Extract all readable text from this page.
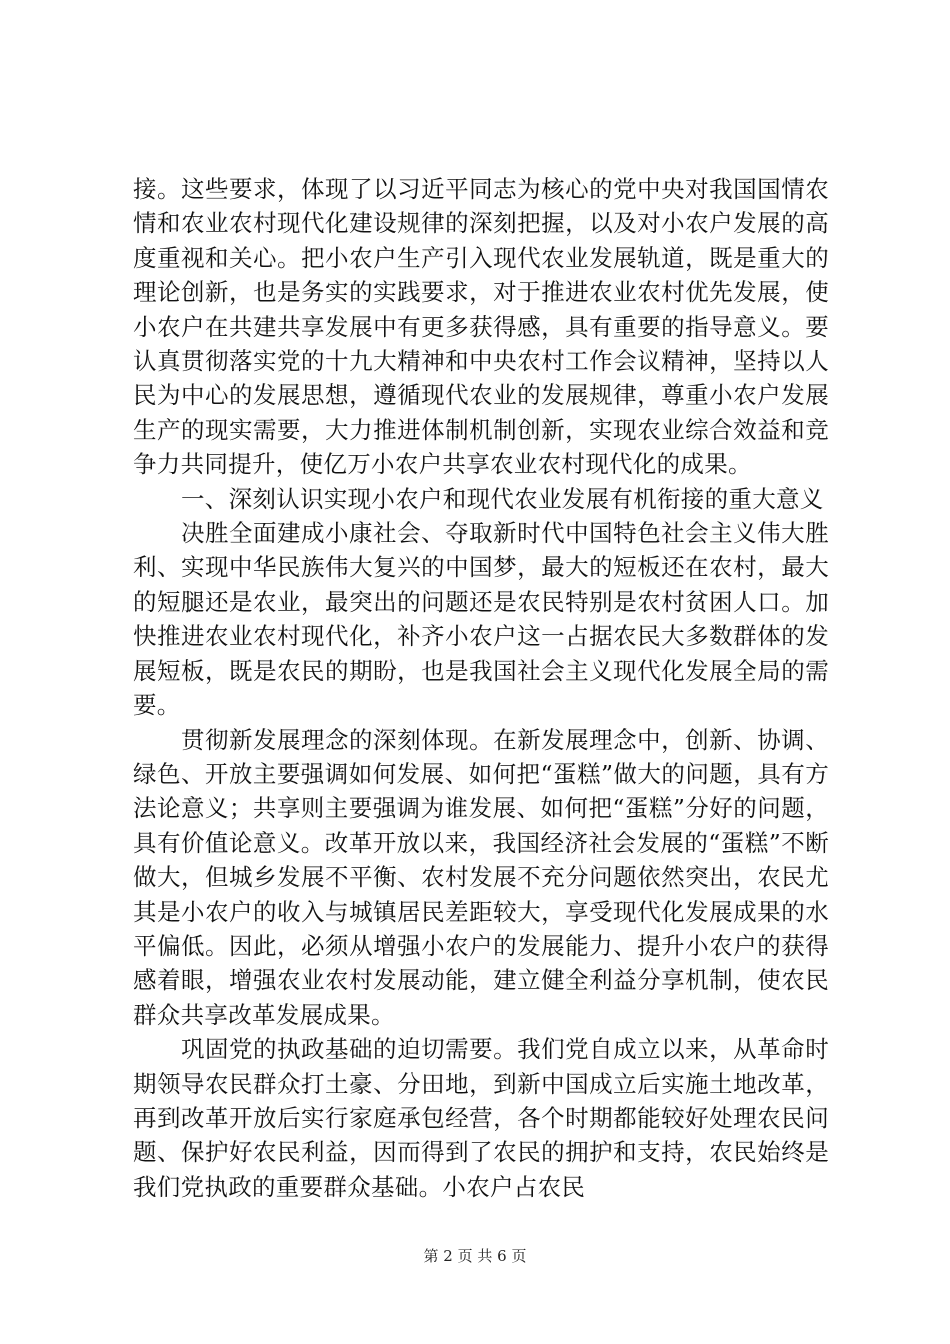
接。这些要求，体现了以习近平同志为核心的党中央对我国国情农情和农业农村现代化建设规律的深刻把握，以及对小农户发展的高度重视和关心。把小农户生产引入现代农业发展轨道，既是重大的理论创新，也是务实的实践要求，对于推进农业农村优先发展，使小农户在共建共享发展中有更多获得感，具有重要的指导意义。要认真贯彻落实党的十九大精神和中央农村工作会议精神，坚持以人民为中心的发展思想，遵循现代农业的发展规律，尊重小农户发展生产的现实需要，大力推进体制机制创新，实现农业综合效益和竞争力共同提升，使亿万小农户共享农业农村现代化的成果。

一、深刻认识实现小农户和现代农业发展有机衔接的重大意义

决胜全面建成小康社会、夺取新时代中国特色社会主义伟大胜利、实现中华民族伟大复兴的中国梦，最大的短板还在农村，最大的短腿还是农业，最突出的问题还是农民特别是农村贫困人口。加快推进农业农村现代化，补齐小农户这一占据农民大多数群体的发展短板，既是农民的期盼，也是我国社会主义现代化发展全局的需要。

贯彻新发展理念的深刻体现。在新发展理念中，创新、协调、绿色、开放主要强调如何发展、如何把“蛋糕”做大的问题，具有方法论意义；共享则主要强调为谁发展、如何把“蛋糕”分好的问题，具有价值论意义。改革开放以来，我国经济社会发展的“蛋糕”不断做大，但城乡发展不平衡、农村发展不充分问题依然突出，农民尤其是小农户的收入与城镇居民差距较大，享受现代化发展成果的水平偏低。因此，必须从增强小农户的发展能力、提升小农户的获得感着眼，增强农业农村发展动能，建立健全利益分享机制，使农民群众共享改革发展成果。

巩固党的执政基础的迫切需要。我们党自成立以来，从革命时期领导农民群众打土豪、分田地，到新中国成立后实施土地改革，再到改革开放后实行家庭承包经营，各个时期都能较好处理农民问题、保护好农民利益，因而得到了农民的拥护和支持，农民始终是我们党执政的重要群众基础。小农户占农民

第 2 页 共 6 页
